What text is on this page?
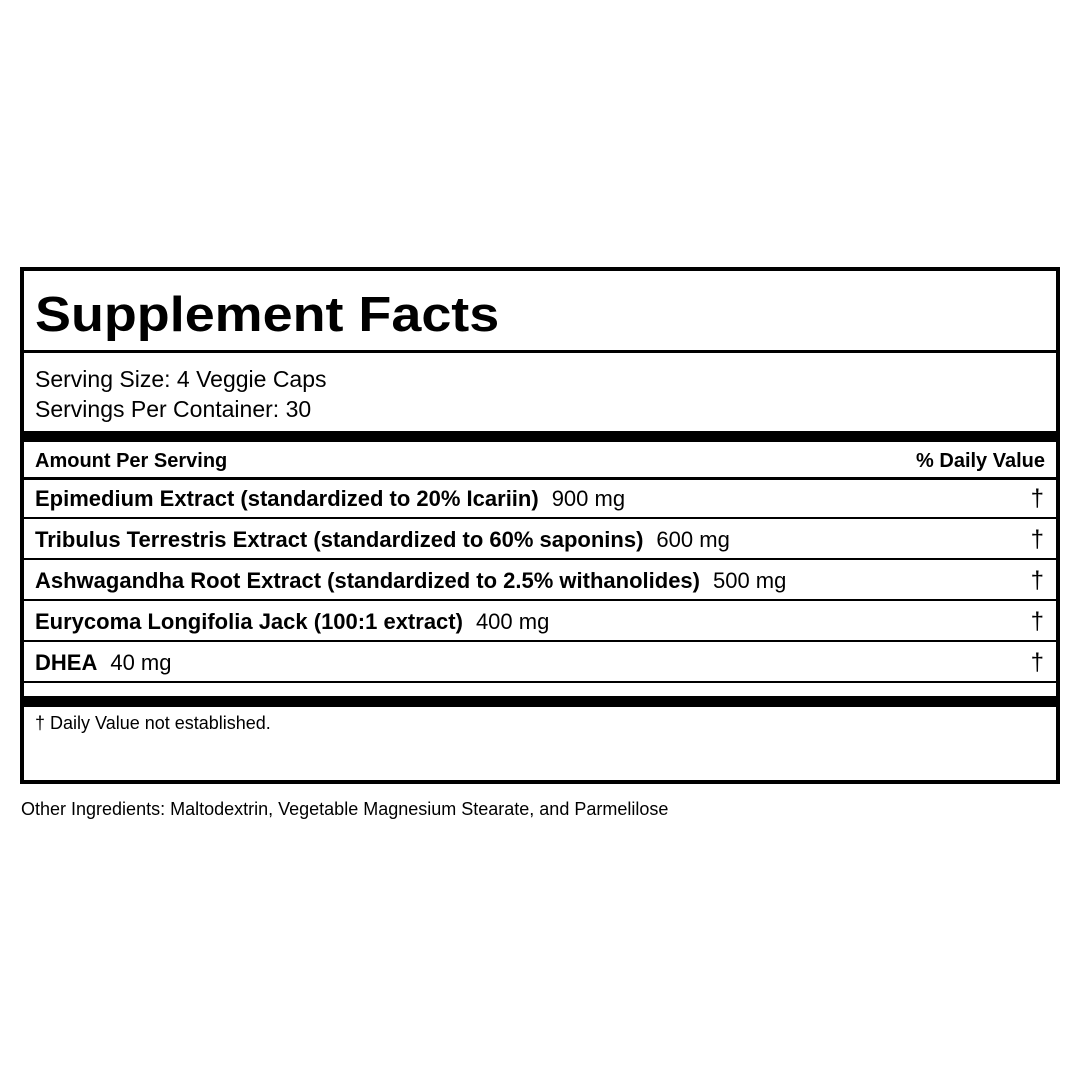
Supplement Facts
Serving Size: 4 Veggie Caps
Servings Per Container: 30
Amount Per Serving	% Daily Value
Epimedium Extract (standardized to 20% Icariin) 900 mg	†
Tribulus Terrestris Extract (standardized to 60% saponins) 600 mg	†
Ashwagandha Root Extract (standardized to 2.5% withanolides) 500 mg	†
Eurycoma Longifolia Jack (100:1 extract) 400 mg	†
DHEA 40 mg	†
† Daily Value not established.
Other Ingredients: Maltodextrin, Vegetable Magnesium Stearate, and Parmelilose
